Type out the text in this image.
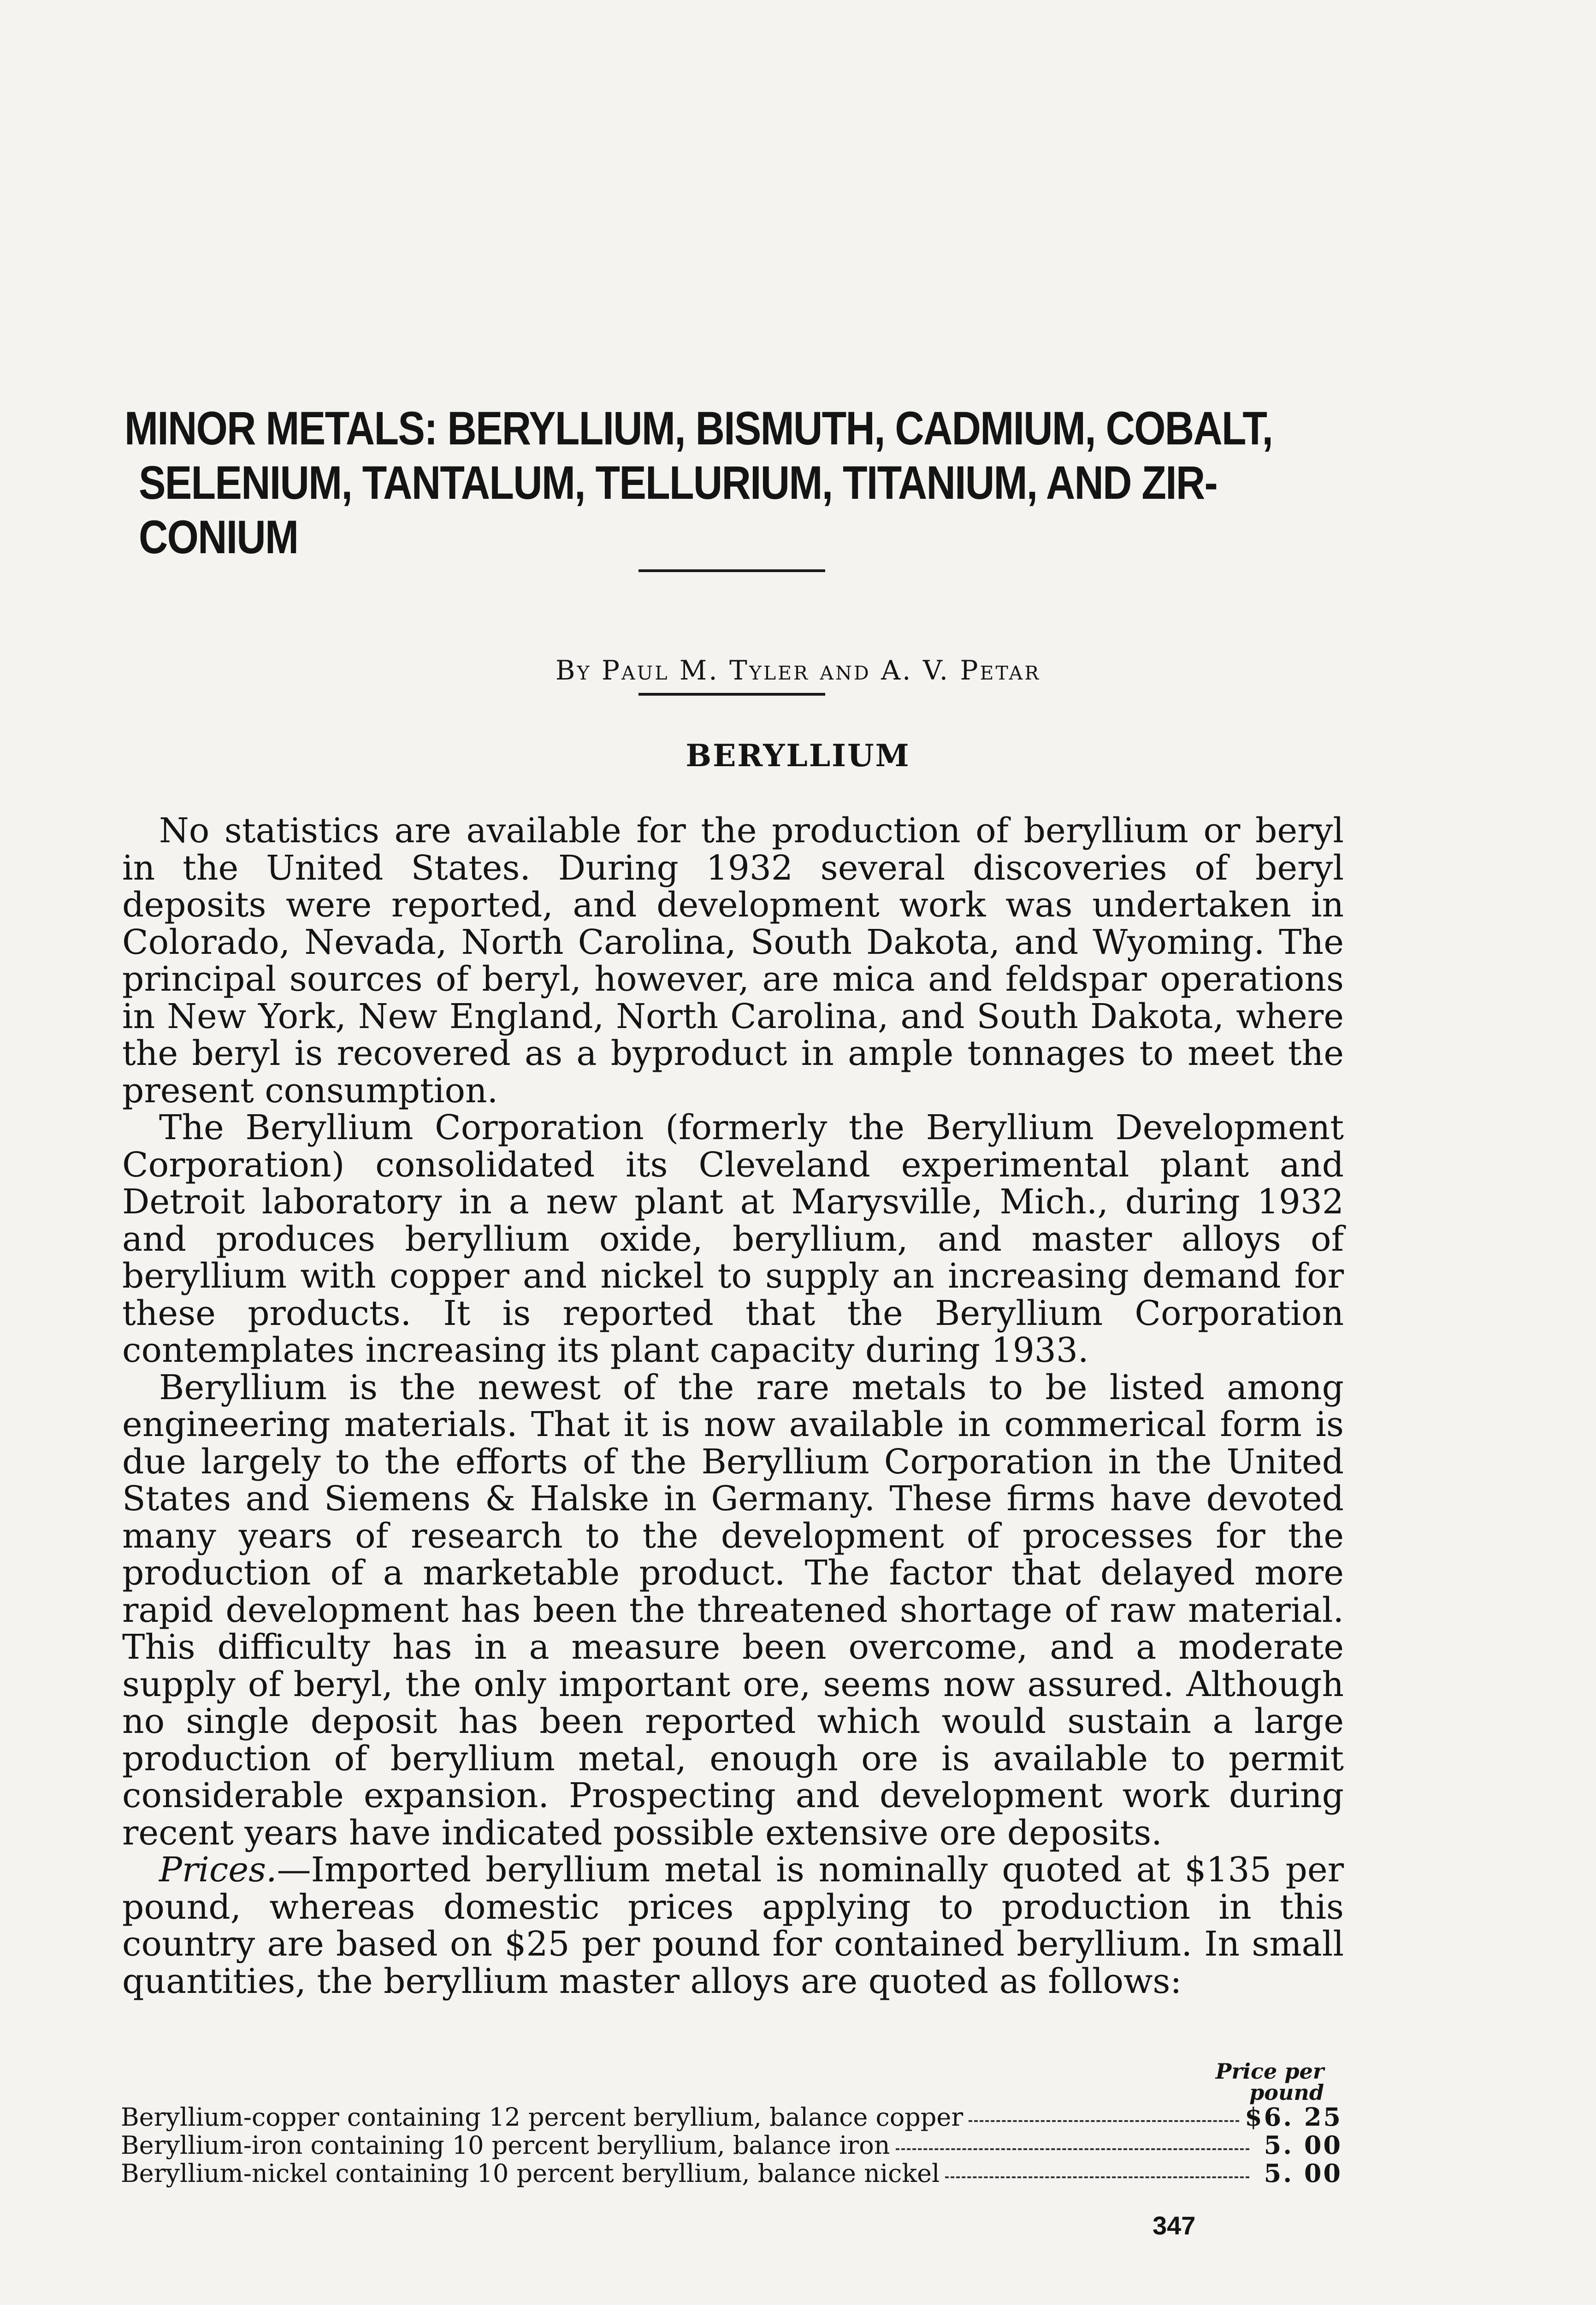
MINOR METALS: BERYLLIUM, BISMUTH, CADMIUM, COBALT,
SELENIUM, TANTALUM, TELLURIUM, TITANIUM, AND ZIR-
CONIUM
By Paul M. Tyler and A. V. Petar
BERYLLIUM

No statistics are available for the production of beryllium or beryl in the United States. During 1932 several discoveries of beryl deposits were reported, and development work was undertaken in Colorado, Nevada, North Carolina, South Dakota, and Wyoming. The principal sources of beryl, however, are mica and feldspar operations in New York, New England, North Carolina, and South Dakota, where the beryl is recovered as a byproduct in ample tonnages to meet the present consumption.

The Beryllium Corporation (formerly the Beryllium Development Corporation) consolidated its Cleveland experimental plant and Detroit laboratory in a new plant at Marysville, Mich., during 1932 and produces beryllium oxide, beryllium, and master alloys of beryllium with copper and nickel to supply an increasing demand for these products. It is reported that the Beryllium Corporation contemplates increasing its plant capacity during 1933.

Beryllium is the newest of the rare metals to be listed among engineering materials. That it is now available in commerical form is due largely to the efforts of the Beryllium Corporation in the United States and Siemens & Halske in Germany. These firms have devoted many years of research to the development of processes for the production of a marketable product. The factor that delayed more rapid development has been the threatened shortage of raw material. This difficulty has in a measure been overcome, and a moderate supply of beryl, the only important ore, seems now assured. Although no single deposit has been reported which would sustain a large production of beryllium metal, enough ore is available to permit considerable expansion. Prospecting and development work during recent years have indicated possible extensive ore deposits.

Prices.—Imported beryllium metal is nominally quoted at $135 per pound, whereas domestic prices applying to production in this country are based on $25 per pound for contained beryllium. In small quantities, the beryllium master alloys are quoted as follows:

Price per
pound
Beryllium-copper containing 12 percent beryllium, balance copper	$6. 25
Beryllium-iron containing 10 percent beryllium, balance iron	5. 00
Beryllium-nickel containing 10 percent beryllium, balance nickel	5. 00
347
